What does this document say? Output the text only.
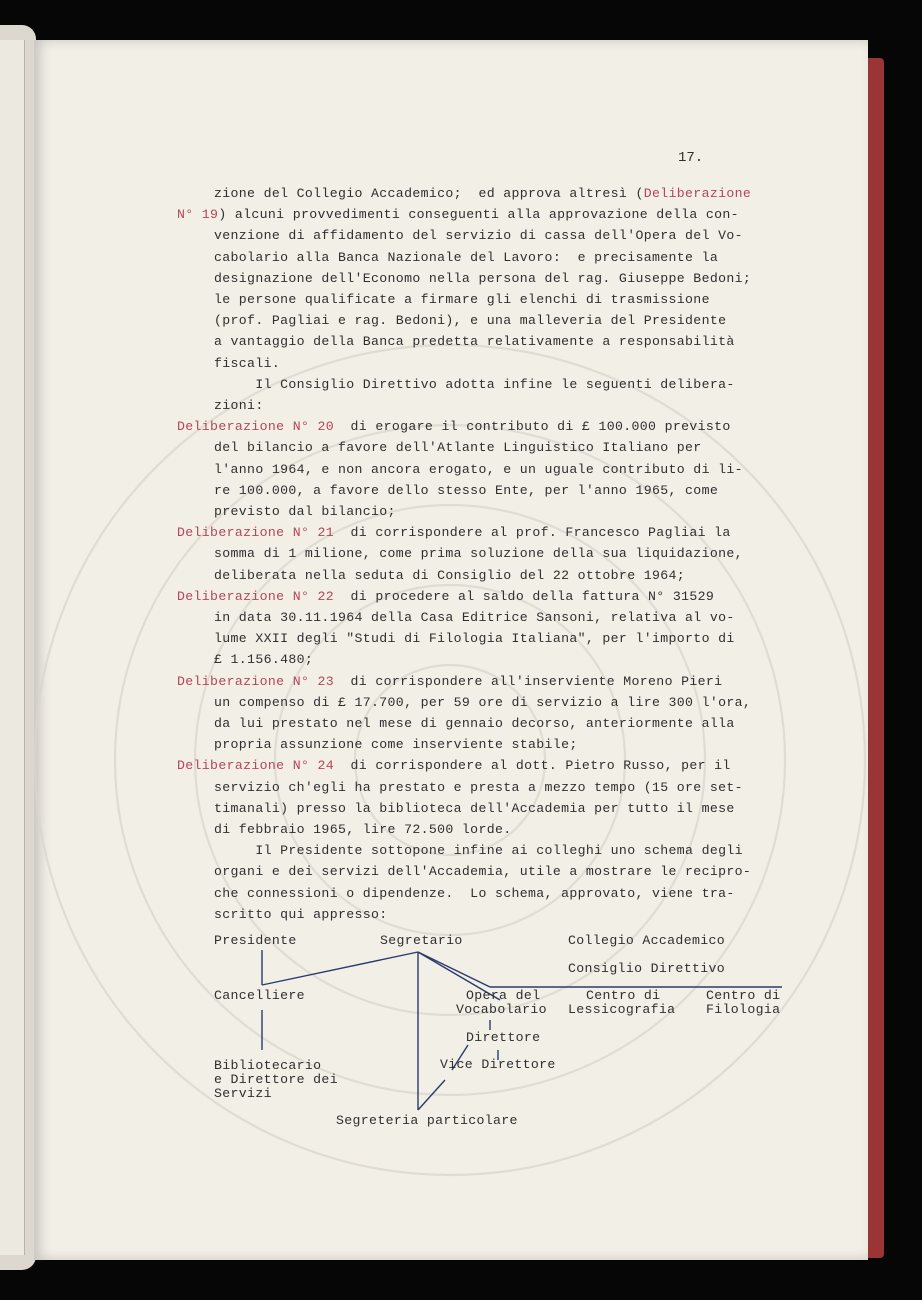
17.
zione del Collegio Accademico;  ed approva altresì (Deliberazione
N° 19) alcuni provvedimenti conseguenti alla approvazione della con-
venzione di affidamento del servizio di cassa dell'Opera del Vo-
cabolario alla Banca Nazionale del Lavoro:  e precisamente la
designazione dell'Economo nella persona del rag. Giuseppe Bedoni;
le persone qualificate a firmare gli elenchi di trasmissione
(prof. Pagliai e rag. Bedoni), e una malleveria del Presidente
a vantaggio della Banca predetta relativamente a responsabilità
fiscali.
Il Consiglio Direttivo adotta infine le seguenti delibera-
zioni:
Deliberazione N° 20  di erogare il contributo di £ 100.000 previsto
del bilancio a favore dell'Atlante Linguistico Italiano per
l'anno 1964, e non ancora erogato, e un uguale contributo di li-
re 100.000, a favore dello stesso Ente, per l'anno 1965, come
previsto dal bilancio;
Deliberazione N° 21  di corrispondere al prof. Francesco Pagliai la
somma di 1 milione, come prima soluzione della sua liquidazione,
deliberata nella seduta di Consiglio del 22 ottobre 1964;
Deliberazione N° 22  di procedere al saldo della fattura N° 31529
in data 30.11.1964 della Casa Editrice Sansoni, relativa al vo-
lume XXII degli "Studi di Filologia Italiana", per l'importo di
£ 1.156.480;
Deliberazione N° 23  di corrispondere all'inserviente Moreno Pieri
un compenso di £ 17.700, per 59 ore di servizio a lire 300 l'ora,
da lui prestato nel mese di gennaio decorso, anteriormente alla
propria assunzione come inserviente stabile;
Deliberazione N° 24  di corrispondere al dott. Pietro Russo, per il
servizio ch'egli ha prestato e presta a mezzo tempo (15 ore set-
timanali) presso la biblioteca dell'Accademia per tutto il mese
di febbraio 1965, lire 72.500 lorde.
Il Presidente sottopone infine ai colleghi uno schema degli
organi e dei servizi dell'Accademia, utile a mostrare le recipro-
che connessioni o dipendenze.  Lo schema, approvato, viene tra-
scritto qui appresso:
Presidente	Segretario	Collegio Accademico
Consiglio Direttivo
Cancelliere	Opera del
Vocabolario
Centro di
Lessicografia
Centro di
Filologia
Direttore
Vice Direttore
Bibliotecario
e Direttore dei
Servizi
Segreteria particolare
